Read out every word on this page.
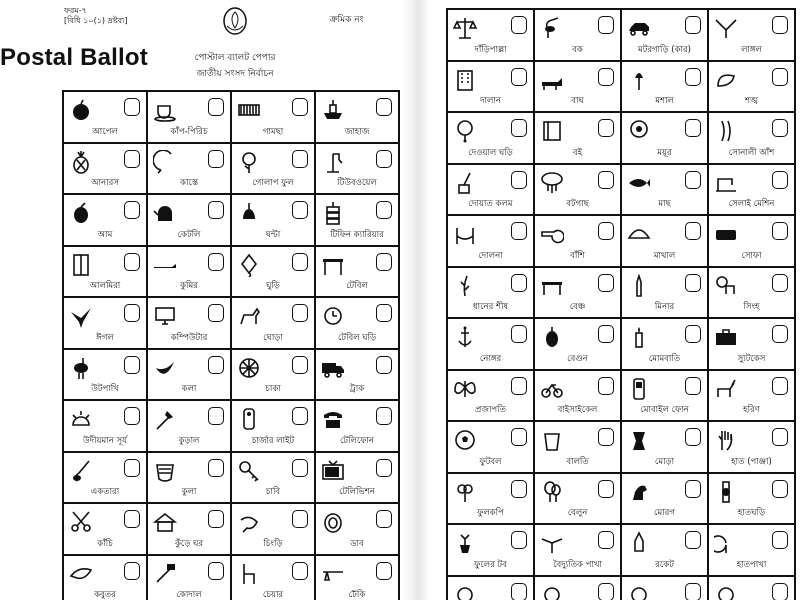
ফরম-৭
[বিধি ১০(১) দ্রষ্টব্য]	ক্রমিক নং
Postal Ballot	পোস্টাল ব্যালট পেপার
জাতীয় সংসদ নির্বাচন
আপেল	কাঁপ-পিরিচ	গামছা	জাহাজ
আনারস	কাস্তে	গোলাপ ফুল	টিউবওয়েল
আম	কেটলি	ঘন্টা	টিফিন ক্যারিয়ার
আলমিরা	কুমির	ঘুড়ি	টেবিল
ঈগল	কম্পিউটার	ঘোড়া	টেবিল ঘড়ি
উটপাখি	কলা	চাকা	ট্রাক
উদীয়মান সূর্য	কুড়াল	চার্জার লাইট	টেলিফোন
একতারা	কুলা	চাবি	টেলিভিশন
কাঁচি	কুঁড়ে ঘর	চিংড়ি	ডাব
কবুতর	কোদাল	চেয়ার	ঢেঁকি
দাঁড়িপাল্লা	বক	মটরগাড়ি (কার)	লাঙ্গল
দালান	বাঘ	মশাল	শঙ্খ
দেওয়াল ঘড়ি	বই	ময়ূর	সোনালী আঁশ
দোয়াত কলম	বটগাছ	মাছ	সেলাই মেশিন
দোলনা	বাঁশি	মাথাল	সোফা
ধানের শীষ	বেঞ্চ	মিনার	সিংহ
নোঙ্গর	বেগুন	মোমবাতি	স্যুটকেস
প্রজাপতি	বাইসাইকেল	মোবাইল ফোন	হরিণ
ফুটবল	বালতি	মোড়া	হাত (পাঞ্জা)
ফুলকপি	বেলুন	মোরগ	হাতঘড়ি
ফুলের টব	বৈদ্যুতিক পাখা	রকেট	হাতপাখা
